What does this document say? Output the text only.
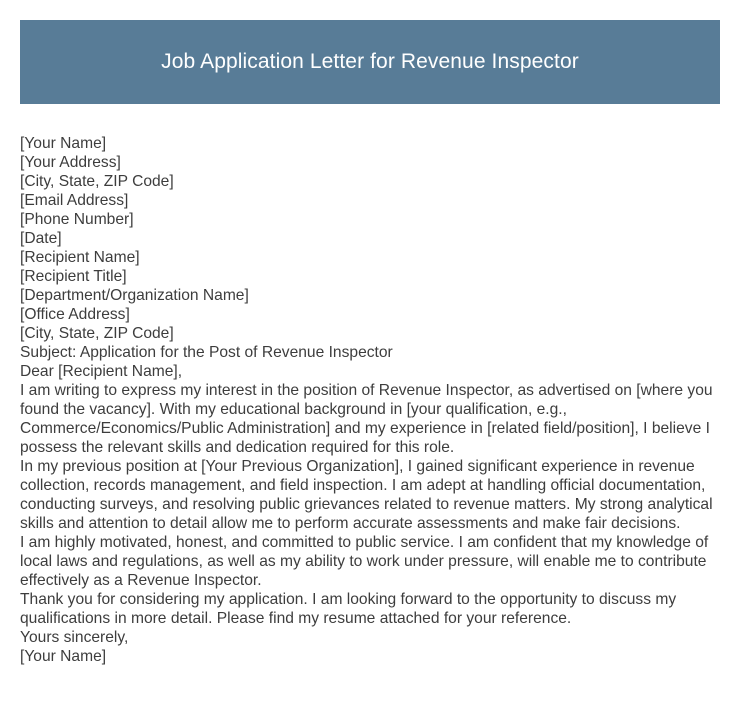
Job Application Letter for Revenue Inspector
[Your Name]
[Your Address]
[City, State, ZIP Code]
[Email Address]
[Phone Number]
[Date]
[Recipient Name]
[Recipient Title]
[Department/Organization Name]
[Office Address]
[City, State, ZIP Code]
Subject: Application for the Post of Revenue Inspector
Dear [Recipient Name],
I am writing to express my interest in the position of Revenue Inspector, as advertised on [where you found the vacancy]. With my educational background in [your qualification, e.g., Commerce/Economics/Public Administration] and my experience in [related field/position], I believe I possess the relevant skills and dedication required for this role.
In my previous position at [Your Previous Organization], I gained significant experience in revenue collection, records management, and field inspection. I am adept at handling official documentation, conducting surveys, and resolving public grievances related to revenue matters. My strong analytical skills and attention to detail allow me to perform accurate assessments and make fair decisions.
I am highly motivated, honest, and committed to public service. I am confident that my knowledge of local laws and regulations, as well as my ability to work under pressure, will enable me to contribute effectively as a Revenue Inspector.
Thank you for considering my application. I am looking forward to the opportunity to discuss my qualifications in more detail. Please find my resume attached for your reference.
Yours sincerely,
[Your Name]
